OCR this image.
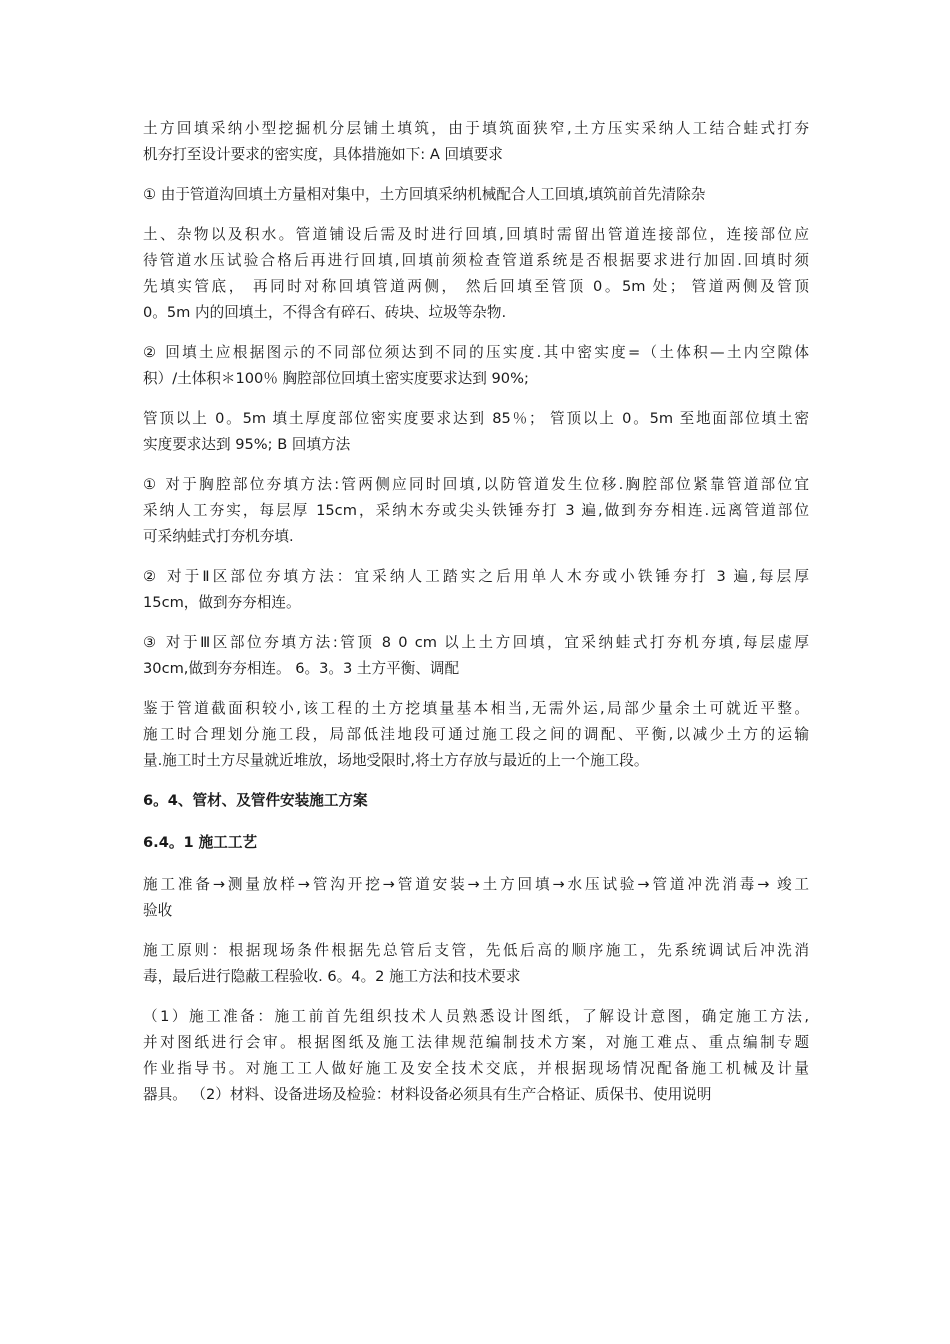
土方回填采纳小型挖掘机分层铺土填筑，由于填筑面狭窄,土方压实采纳人工结合蛙式打夯
机夯打至设计要求的密实度，具体措施如下: A 回填要求
① 由于管道沟回填土方量相对集中，土方回填采纳机械配合人工回填,填筑前首先清除杂
土、杂物以及积水。管道铺设后需及时进行回填,回填时需留出管道连接部位，连接部位应
待管道水压试验合格后再进行回填,回填前须检查管道系统是否根据要求进行加固.回填时须
先填实管底， 再同时对称回填管道两侧， 然后回填至管顶 0。5m 处； 管道两侧及管顶
0。5m 内的回填土，不得含有碎石、砖块、垃圾等杂物.
② 回填土应根据图示的不同部位须达到不同的压实度.其中密实度=（土体积—土内空隙体
积）/土体积＊100％ 胸腔部位回填土密实度要求达到 90%;
管顶以上 0。5m 填土厚度部位密实度要求达到 85％； 管顶以上 0。5m 至地面部位填土密
实度要求达到 95%; B 回填方法
① 对于胸腔部位夯填方法:管两侧应同时回填,以防管道发生位移.胸腔部位紧靠管道部位宜
采纳人工夯实，每层厚 15cm，采纳木夯或尖头铁锤夯打 3 遍,做到夯夯相连.远离管道部位
可采纳蛙式打夯机夯填.
② 对于Ⅱ区部位夯填方法：宜采纳人工踏实之后用单人木夯或小铁锤夯打 3 遍,每层厚
15cm，做到夯夯相连。
③ 对于Ⅲ区部位夯填方法:管顶 8 0 cm 以上土方回填，宜采纳蛙式打夯机夯填,每层虚厚
30cm,做到夯夯相连。 6。3。3 土方平衡、调配
鉴于管道截面积较小,该工程的土方挖填量基本相当,无需外运,局部少量余土可就近平整。
施工时合理划分施工段，局部低洼地段可通过施工段之间的调配、平衡,以减少土方的运输
量.施工时土方尽量就近堆放，场地受限时,将土方存放与最近的上一个施工段。
6。4、管材、及管件安装施工方案
6.4。1 施工工艺
施工准备→测量放样→管沟开挖→管道安装→土方回填→水压试验→管道冲洗消毒→ 竣工
验收
施工原则：根据现场条件根据先总管后支管，先低后高的顺序施工，先系统调试后冲洗消
毒，最后进行隐蔽工程验收. 6。4。2 施工方法和技术要求
（1）施工准备：施工前首先组织技术人员熟悉设计图纸，了解设计意图，确定施工方法,
并对图纸进行会审。根据图纸及施工法律规范编制技术方案，对施工难点、重点编制专题
作业指导书。对施工工人做好施工及安全技术交底，并根据现场情况配备施工机械及计量
器具。 （2）材料、设备进场及检验：材料设备必须具有生产合格证、质保书、使用说明
